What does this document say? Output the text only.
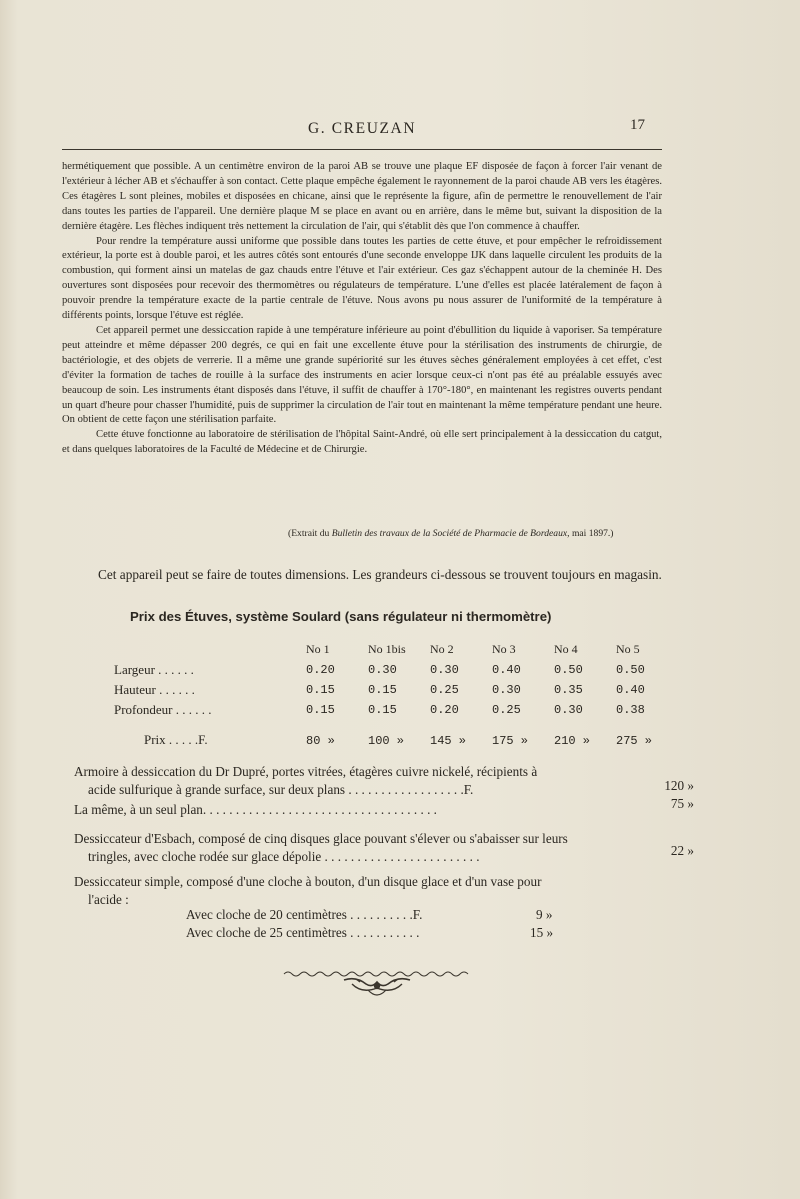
G. CREUZAN	17

hermétiquement que possible. A un centimètre environ de la paroi AB se trouve une plaque EF disposée de façon à forcer l'air venant de l'extérieur à lécher AB et s'échauffer à son contact. Cette plaque empêche également le rayonnement de la paroi chaude AB vers les étagères. Ces étagères L sont pleines, mobiles et disposées en chicane, ainsi que le représente la figure, afin de permettre le renouvellement de l'air dans toutes les parties de l'appareil. Une dernière plaque M se place en avant ou en arrière, dans le même but, suivant la disposition de la dernière étagère. Les flèches indiquent très nettement la circulation de l'air, qui s'établit dès que l'on commence à chauffer.

Pour rendre la température aussi uniforme que possible dans toutes les parties de cette étuve, et pour empêcher le refroidissement extérieur, la porte est à double paroi, et les autres côtés sont entourés d'une seconde enveloppe IJK dans laquelle circulent les produits de la combustion, qui forment ainsi un matelas de gaz chauds entre l'étuve et l'air extérieur. Ces gaz s'échappent autour de la cheminée H. Des ouvertures sont disposées pour recevoir des thermomètres ou régulateurs de température. L'une d'elles est placée latéralement de façon à pouvoir prendre la température exacte de la partie centrale de l'étuve. Nous avons pu nous assurer de l'uniformité de la température à différents points, lorsque l'étuve est réglée.

Cet appareil permet une dessiccation rapide à une température inférieure au point d'ébullition du liquide à vaporiser. Sa température peut atteindre et même dépasser 200 degrés, ce qui en fait une excellente étuve pour la stérilisation des instruments de chirurgie, de bactériologie, et des objets de verrerie. Il a même une grande supériorité sur les étuves sèches généralement employées à cet effet, c'est d'éviter la formation de taches de rouille à la surface des instruments en acier lorsque ceux-ci n'ont pas été au préalable essuyés avec beaucoup de soin. Les instruments étant disposés dans l'étuve, il suffit de chauffer à 170°-180°, en maintenant les registres ouverts pendant un quart d'heure pour chasser l'humidité, puis de supprimer la circulation de l'air tout en maintenant la même température pendant une heure. On obtient de cette façon une stérilisation parfaite.

Cette étuve fonctionne au laboratoire de stérilisation de l'hôpital Saint-André, où elle sert principalement à la dessiccation du catgut, et dans quelques laboratoires de la Faculté de Médecine et de Chirurgie.

(Extrait du Bulletin des travaux de la Société de Pharmacie de Bordeaux, mai 1897.)
Cet appareil peut se faire de toutes dimensions. Les grandeurs ci-dessous se trouvent toujours en magasin.
Prix des Étuves, système Soulard (sans régulateur ni thermomètre)
	No 1	No 1bis	No 2	No 3	No 4	No 5
Largeur . . .	0.20	0.30	0.30	0.40	0.50	0.50
Hauteur . . .	0.15	0.15	0.25	0.30	0.35	0.40
Profondeur . . .	0.15	0.15	0.20	0.25	0.30	0.38
Prix . . . . .F.	80 »	100 »	145 »	175 »	210 »	275 »
Armoire à dessiccation du Dr Dupré, portes vitrées, étagères cuivre nickelé, récipients à
acide sulfurique à grande surface, sur deux plans . . . . . . . . . . . . . . . . . .F.	120 »
La même, à un seul plan. . . . . . . . . . . . . . . . . . . . . . . . . . . . . . . . . . . .	75 »
Dessiccateur d'Esbach, composé de cinq disques glace pouvant s'élever ou s'abaisser sur leurs
tringles, avec cloche rodée sur glace dépolie . . . . . . . . . . . . . . . . . . . . . . . .	22 »
Dessiccateur simple, composé d'une cloche à bouton, d'un disque glace et d'un vase pour
l'acide :
Avec cloche de 20 centimètres . . . . . . . . . .F.	9 »
Avec cloche de 25 centimètres . . . . . . . . . . .	15 »
